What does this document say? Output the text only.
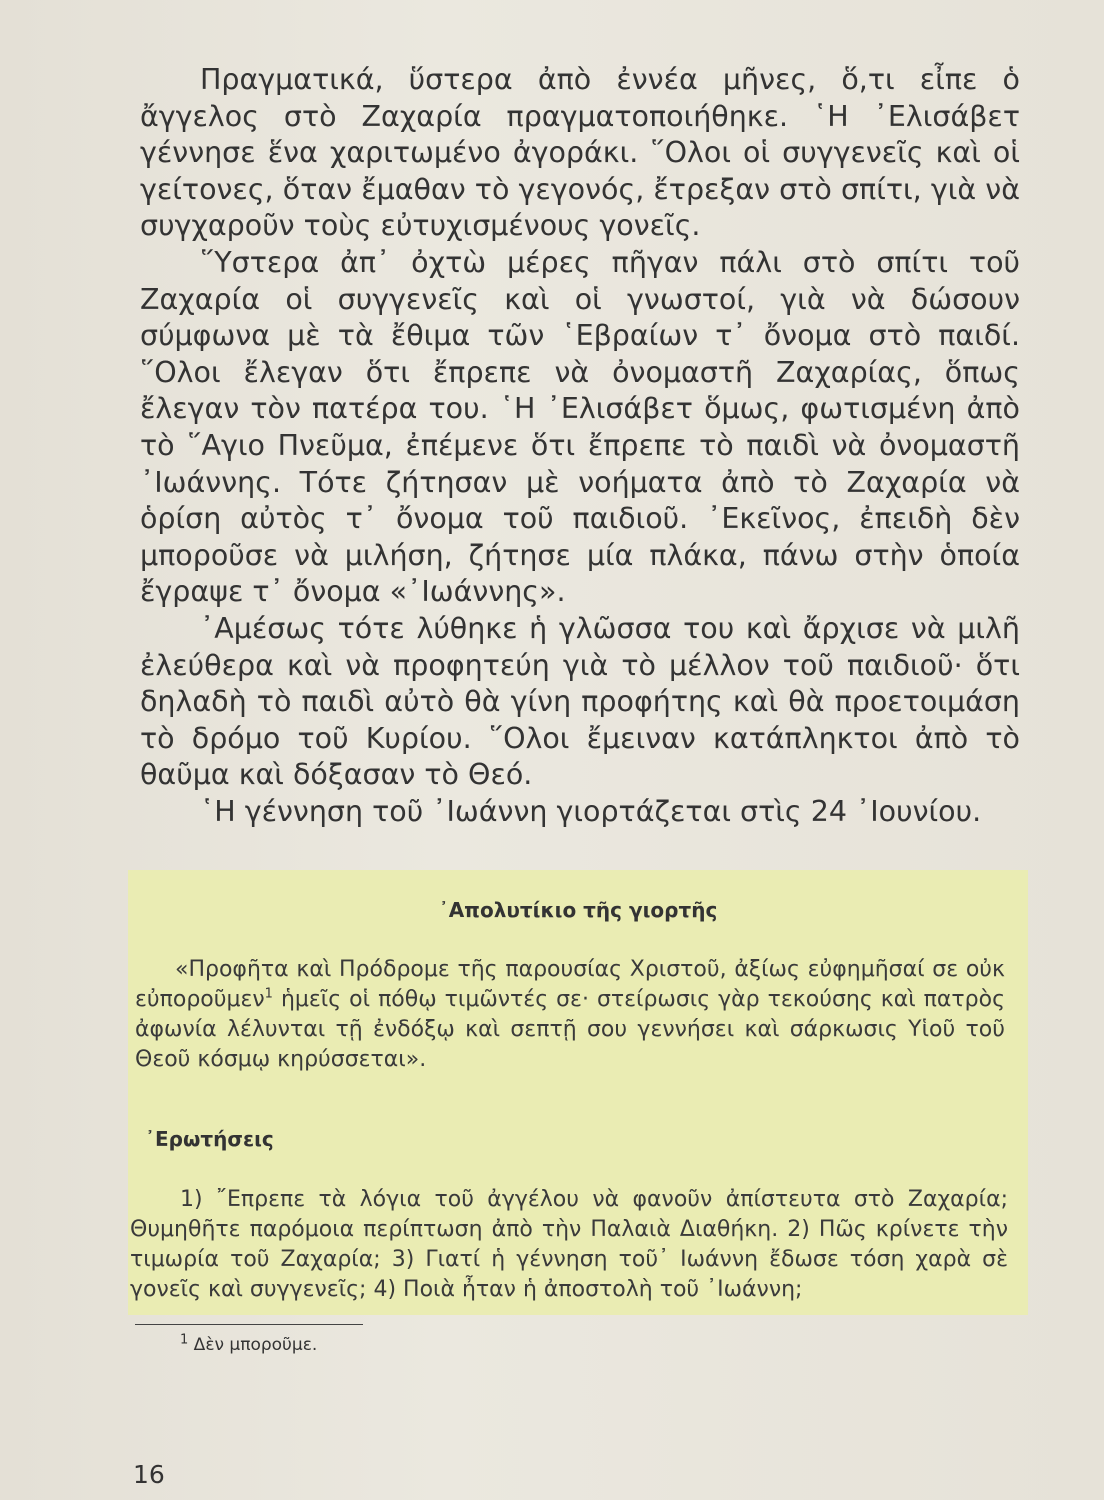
Πραγματικά, ὕστερα ἀπὸ ἐννέα μῆνες, ὅ,τι εἶπε ὁ ἄγγελος στὸ Ζαχαρία πραγματοποιήθηκε. ῾Η ᾿Ελισάβετ γέννησε ἕνα χαριτωμένο ἀγοράκι. ῞Ολοι οἱ συγγενεῖς καὶ οἱ γείτονες, ὅταν ἔμαθαν τὸ γεγονός, ἔτρεξαν στὸ σπίτι, γιὰ νὰ συγχαροῦν τοὺς εὐτυχισμένους γονεῖς.

῞Υστερα ἀπ᾿ ὀχτὼ μέρες πῆγαν πάλι στὸ σπίτι τοῦ Ζαχαρία οἱ συγγενεῖς καὶ οἱ γνωστοί, γιὰ νὰ δώσουν σύμφωνα μὲ τὰ ἔθιμα τῶν ῾Εβραίων τ᾿ ὄνομα στὸ παιδί. ῞Ολοι ἔλεγαν ὅτι ἔπρεπε νὰ ὀνομαστῆ Ζαχαρίας, ὅπως ἔλεγαν τὸν πατέρα του. ῾Η ᾿Ελισάβετ ὅμως, φωτισμένη ἀπὸ τὸ ῞Αγιο Πνεῦμα, ἐπέμενε ὅτι ἔπρεπε τὸ παιδὶ νὰ ὀνομαστῆ ᾿Ιωάννης. Τότε ζήτησαν μὲ νοήματα ἀπὸ τὸ Ζαχαρία νὰ ὁρίση αὐτὸς τ᾿ ὄνομα τοῦ παιδιοῦ. ᾿Εκεῖνος, ἐπειδὴ δὲν μποροῦσε νὰ μιλήση, ζήτησε μία πλάκα, πάνω στὴν ὁποία ἔγραψε τ᾿ ὄνομα «᾿Ιωάννης».

᾿Αμέσως τότε λύθηκε ἡ γλῶσσα του καὶ ἄρχισε νὰ μιλῆ ἐλεύθερα καὶ νὰ προφητεύη γιὰ τὸ μέλλον τοῦ παιδιοῦ· ὅτι δηλαδὴ τὸ παιδὶ αὐτὸ θὰ γίνη προφήτης καὶ θὰ προετοιμάση τὸ δρόμο τοῦ Κυρίου. ῞Ολοι ἔμειναν κατάπληκτοι ἀπὸ τὸ θαῦμα καὶ δόξασαν τὸ Θεό.

῾Η γέννηση τοῦ ᾿Ιωάννη γιορτάζεται στὶς 24 ᾿Ιουνίου.

᾿Απολυτίκιο τῆς γιορτῆς

«Προφῆτα καὶ Πρόδρομε τῆς παρουσίας Χριστοῦ, ἀξίως εὐφημῆσαί σε οὐκ εὐποροῦμεν$^1$ ἡμεῖς οἱ πόθῳ τιμῶντές σε· στείρωσις γὰρ τεκούσης καὶ πατρὸς ἀφωνία λέλυνται τῇ ἐνδόξῳ καὶ σεπτῇ σου γεννήσει καὶ σάρκωσις Υἱοῦ τοῦ Θεοῦ κόσμῳ κηρύσσεται».

᾿Ερωτήσεις

1) ῎Επρεπε τὰ λόγια τοῦ ἀγγέλου νὰ φανοῦν ἀπίστευτα στὸ Ζαχαρία; Θυμηθῆτε παρόμοια περίπτωση ἀπὸ τὴν Παλαιὰ Διαθήκη. 2) Πῶς κρίνετε τὴν τιμωρία τοῦ Ζαχαρία; 3) Γιατί ἡ γέννηση τοῦ᾿ Ιωάννη ἔδωσε τόση χαρὰ σὲ γονεῖς καὶ συγγενεῖς; 4) Ποιὰ ἦταν ἡ ἀποστολὴ τοῦ ᾿Ιωάννη;

$^1$ Δὲν μποροῦμε.
16
